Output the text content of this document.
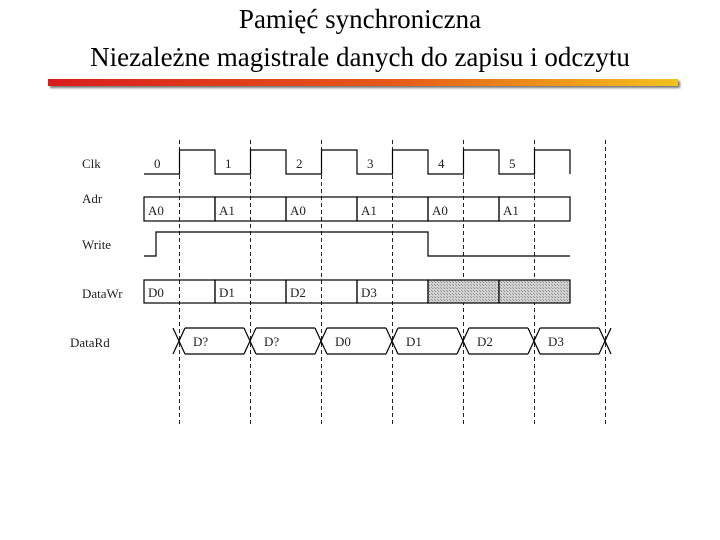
Pamięć synchroniczna
Niezależne magistrale danych do zapisu i odczytu
Clk	0	1	2	3	4	5
Adr
A0	A1	A0	A1	A0	A1
Write
DataWr D0	D1	D2	D3
DataRd	D?	D?	D0	D1	D2	D3
